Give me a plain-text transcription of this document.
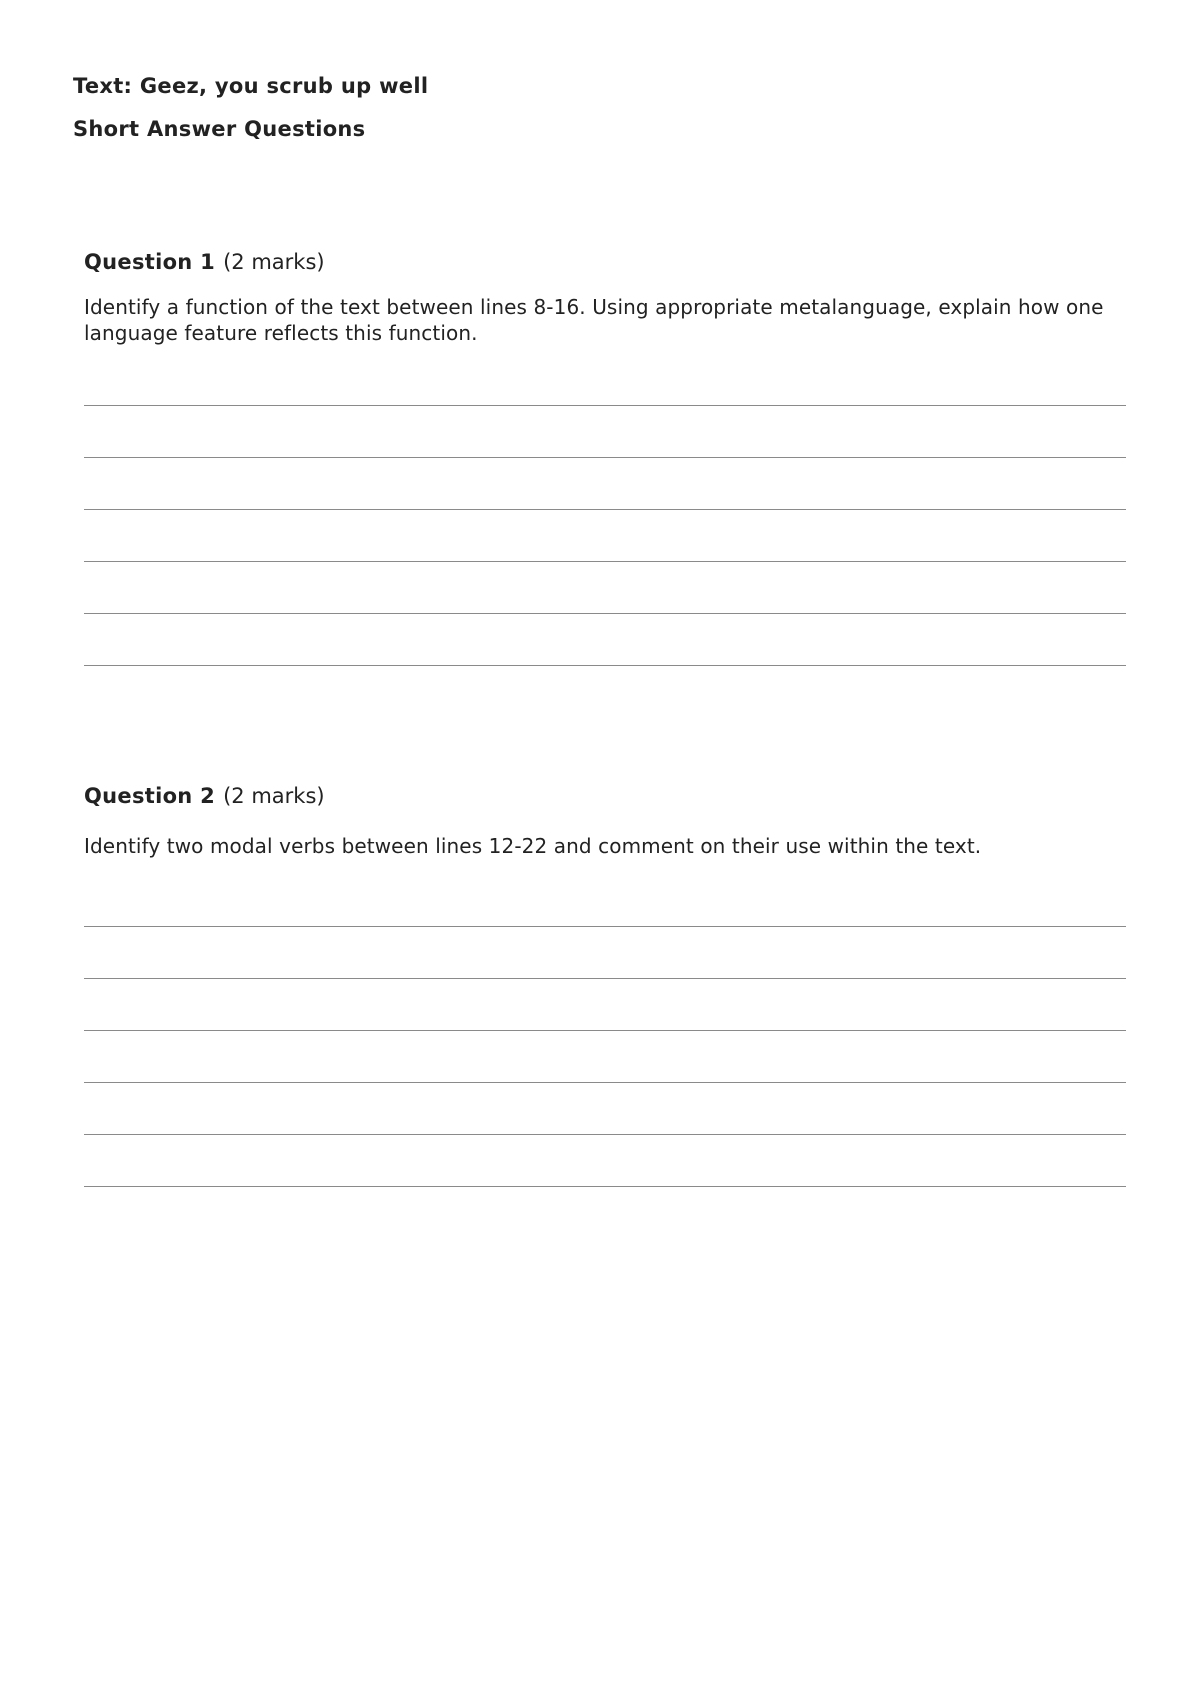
Text: Geez, you scrub up well
Short Answer Questions
Question 1 (2 marks)
Identify a function of the text between lines 8-16. Using appropriate metalanguage, explain how one language feature reflects this function.
Question 2 (2 marks)
Identify two modal verbs between lines 12-22 and comment on their use within the text.
